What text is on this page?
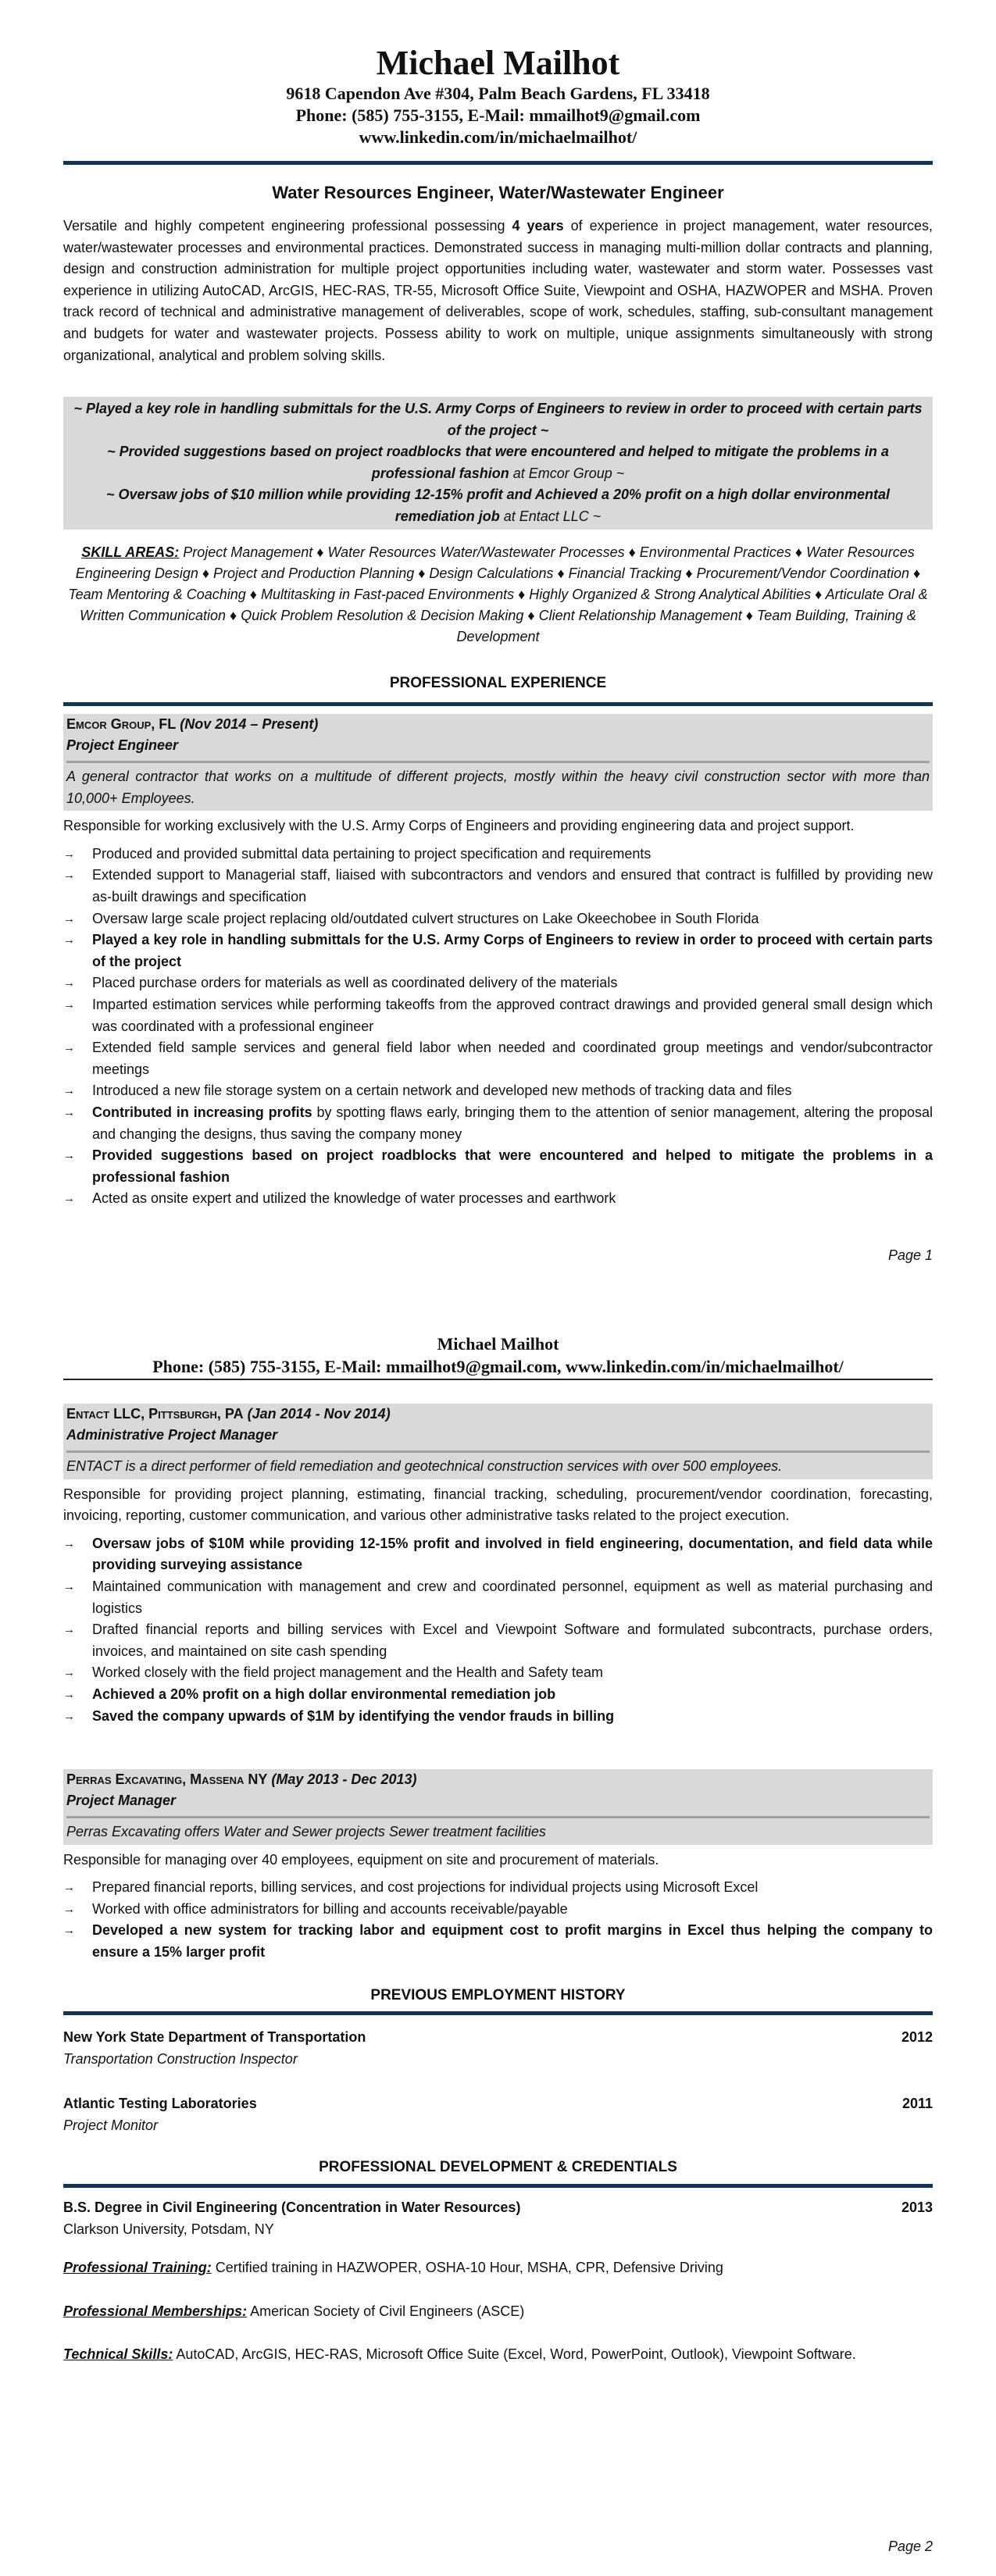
Michael Mailhot
9618 Capendon Ave #304, Palm Beach Gardens, FL 33418
Phone: (585) 755-3155, E-Mail: mmailhot9@gmail.com
www.linkedin.com/in/michaelmailhot/
Water Resources Engineer, Water/Wastewater Engineer
Versatile and highly competent engineering professional possessing 4 years of experience in project management, water resources, water/wastewater processes and environmental practices. Demonstrated success in managing multi-million dollar contracts and planning, design and construction administration for multiple project opportunities including water, wastewater and storm water. Possesses vast experience in utilizing AutoCAD, ArcGIS, HEC-RAS, TR-55, Microsoft Office Suite, Viewpoint and OSHA, HAZWOPER and MSHA. Proven track record of technical and administrative management of deliverables, scope of work, schedules, staffing, sub-consultant management and budgets for water and wastewater projects. Possess ability to work on multiple, unique assignments simultaneously with strong organizational, analytical and problem solving skills.
~ Played a key role in handling submittals for the U.S. Army Corps of Engineers to review in order to proceed with certain parts of the project ~
~ Provided suggestions based on project roadblocks that were encountered and helped to mitigate the problems in a professional fashion at Emcor Group ~
~ Oversaw jobs of $10 million while providing 12-15% profit and Achieved a 20% profit on a high dollar environmental remediation job at Entact LLC ~
SKILL AREAS: Project Management ♦ Water Resources Water/Wastewater Processes ♦ Environmental Practices ♦ Water Resources Engineering Design ♦ Project and Production Planning ♦ Design Calculations ♦ Financial Tracking ♦ Procurement/Vendor Coordination ♦ Team Mentoring & Coaching ♦ Multitasking in Fast-paced Environments ♦ Highly Organized & Strong Analytical Abilities ♦ Articulate Oral & Written Communication ♦ Quick Problem Resolution & Decision Making ♦ Client Relationship Management ♦ Team Building, Training & Development
PROFESSIONAL EXPERIENCE
Emcor Group, FL (Nov 2014 – Present)
Project Engineer
A general contractor that works on a multitude of different projects, mostly within the heavy civil construction sector with more than 10,000+ Employees.
Responsible for working exclusively with the U.S. Army Corps of Engineers and providing engineering data and project support.
→ Produced and provided submittal data pertaining to project specification and requirements
→ Extended support to Managerial staff, liaised with subcontractors and vendors and ensured that contract is fulfilled by providing new as-built drawings and specification
→ Oversaw large scale project replacing old/outdated culvert structures on Lake Okeechobee in South Florida
→ Played a key role in handling submittals for the U.S. Army Corps of Engineers to review in order to proceed with certain parts of the project
→ Placed purchase orders for materials as well as coordinated delivery of the materials
→ Imparted estimation services while performing takeoffs from the approved contract drawings and provided general small design which was coordinated with a professional engineer
→ Extended field sample services and general field labor when needed and coordinated group meetings and vendor/subcontractor meetings
→ Introduced a new file storage system on a certain network and developed new methods of tracking data and files
→ Contributed in increasing profits by spotting flaws early, bringing them to the attention of senior management, altering the proposal and changing the designs, thus saving the company money
→ Provided suggestions based on project roadblocks that were encountered and helped to mitigate the problems in a professional fashion
→ Acted as onsite expert and utilized the knowledge of water processes and earthwork
Page 1
Michael Mailhot
Phone: (585) 755-3155, E-Mail: mmailhot9@gmail.com, www.linkedin.com/in/michaelmailhot/
Entact LLC, Pittsburgh, PA (Jan 2014 - Nov 2014)
Administrative Project Manager
ENTACT is a direct performer of field remediation and geotechnical construction services with over 500 employees.
Responsible for providing project planning, estimating, financial tracking, scheduling, procurement/vendor coordination, forecasting, invoicing, reporting, customer communication, and various other administrative tasks related to the project execution.
→ Oversaw jobs of $10M while providing 12-15% profit and involved in field engineering, documentation, and field data while providing surveying assistance
→ Maintained communication with management and crew and coordinated personnel, equipment as well as material purchasing and logistics
→ Drafted financial reports and billing services with Excel and Viewpoint Software and formulated subcontracts, purchase orders, invoices, and maintained on site cash spending
→ Worked closely with the field project management and the Health and Safety team
→ Achieved a 20% profit on a high dollar environmental remediation job
→ Saved the company upwards of $1M by identifying the vendor frauds in billing
Perras Excavating, Massena NY (May 2013 - Dec 2013)
Project Manager
Perras Excavating offers Water and Sewer projects Sewer treatment facilities
Responsible for managing over 40 employees, equipment on site and procurement of materials.
→ Prepared financial reports, billing services, and cost projections for individual projects using Microsoft Excel
→ Worked with office administrators for billing and accounts receivable/payable
→ Developed a new system for tracking labor and equipment cost to profit margins in Excel thus helping the company to ensure a 15% larger profit
PREVIOUS EMPLOYMENT HISTORY
New York State Department of Transportation	2012
Transportation Construction Inspector
Atlantic Testing Laboratories	2011
Project Monitor
PROFESSIONAL DEVELOPMENT & CREDENTIALS
B.S. Degree in Civil Engineering (Concentration in Water Resources)	2013
Clarkson University, Potsdam, NY
Professional Training: Certified training in HAZWOPER, OSHA-10 Hour, MSHA, CPR, Defensive Driving
Professional Memberships: American Society of Civil Engineers (ASCE)
Technical Skills: AutoCAD, ArcGIS, HEC-RAS, Microsoft Office Suite (Excel, Word, PowerPoint, Outlook), Viewpoint Software.
Page 2
